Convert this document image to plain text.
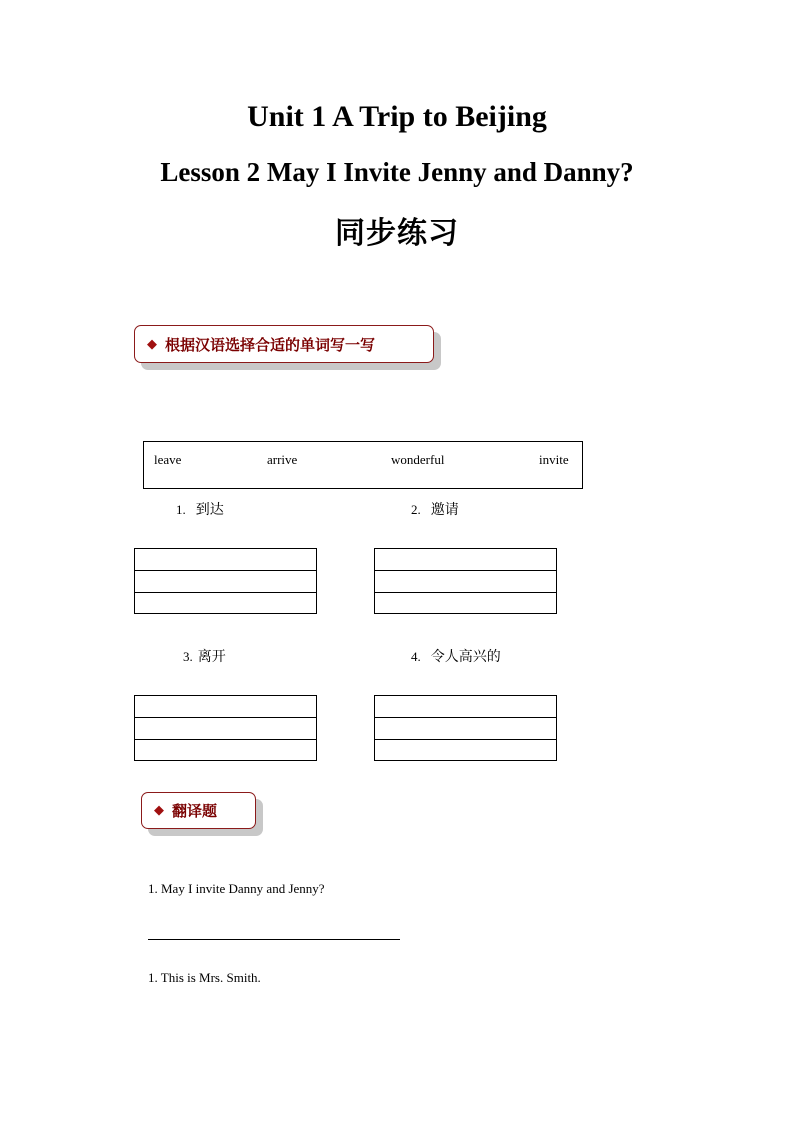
Unit 1 A Trip to Beijing
Lesson 2 May I Invite Jenny and Danny?
同步练习
◆ 根据汉语选择合适的单词写一写
leave	arrive	wonderful	invite
1. 到达	2. 邀请
3. 离开	4. 令人高兴的
◆ 翻译题
1. May I invite Danny and Jenny?
1. This is Mrs. Smith.
